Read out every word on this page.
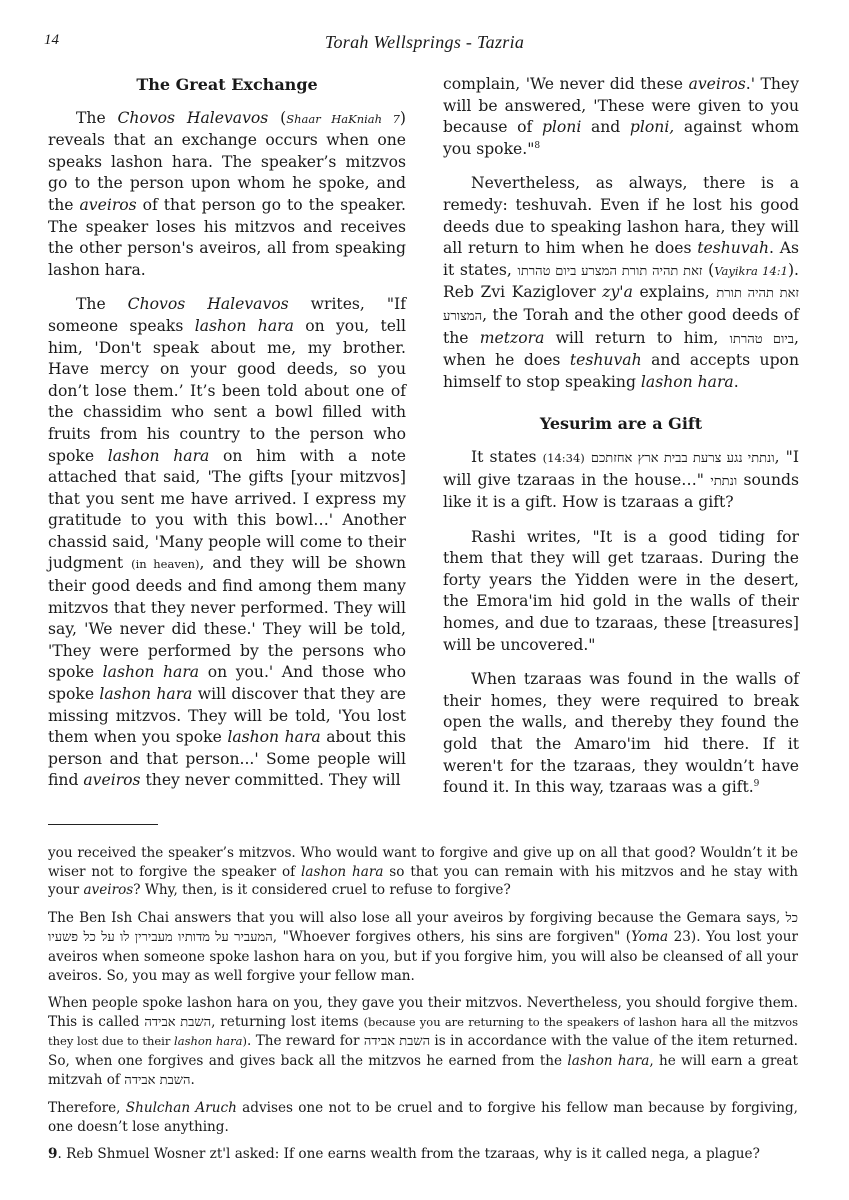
14	Torah Wellsprings - Tazria
The Great Exchange

The Chovos Halevavos (Shaar HaKniah 7) reveals that an exchange occurs when one speaks lashon hara. The speaker’s mitzvos go to the person upon whom he spoke, and the aveiros of that person go to the speaker. The speaker loses his mitzvos and receives the other person's aveiros, all from speaking lashon hara.

The Chovos Halevavos writes, "If someone speaks lashon hara on you, tell him, 'Don't speak about me, my brother. Have mercy on your good deeds, so you don’t lose them.’ It’s been told about one of the chassidim who sent a bowl filled with fruits from his country to the person who spoke lashon hara on him with a note attached that said, 'The gifts [your mitzvos] that you sent me have arrived. I express my gratitude to you with this bowl…' Another chassid said, 'Many people will come to their judgment (in heaven), and they will be shown their good deeds and find among them many mitzvos that they never performed. They will say, 'We never did these.' They will be told, 'They were performed by the persons who spoke lashon hara on you.' And those who spoke lashon hara will discover that they are missing mitzvos. They will be told, 'You lost them when you spoke lashon hara about this person and that person...' Some people will find aveiros they never committed. They will

complain, 'We never did these aveiros.' They will be answered, 'These were given to you because of ploni and ploni, against whom you spoke."$^8$

Nevertheless, as always, there is a remedy: teshuvah. Even if he lost his good deeds due to speaking lashon hara, they will all return to him when he does teshuvah. As it states, זאת תהיה תורת המצרע ביום טהרתו (Vayikra 14:1). Reb Zvi Kaziglover zy'a explains, זאת תהיה תורת המצורע, the Torah and the other good deeds of the metzora will return to him, ביום טהרתו, when he does teshuvah and accepts upon himself to stop speaking lashon hara.

Yesurim are a Gift

It states (14:34) ונתתי נגע צרעת בבית ארץ אחזתכם, "I will give tzaraas in the house…" ונתתי sounds like it is a gift. How is tzaraas a gift?

Rashi writes, "It is a good tiding for them that they will get tzaraas. During the forty years the Yidden were in the desert, the Emora'im hid gold in the walls of their homes, and due to tzaraas, these [treasures] will be uncovered."

When tzaraas was found in the walls of their homes, they were required to break open the walls, and thereby they found the gold that the Amaro'im hid there. If it weren't for the tzaraas, they wouldn’t have found it. In this way, tzaraas was a gift.$^9$

you received the speaker’s mitzvos. Who would want to forgive and give up on all that good? Wouldn’t it be wiser not to forgive the speaker of lashon hara so that you can remain with his mitzvos and he stay with your aveiros? Why, then, is it considered cruel to refuse to forgive?

The Ben Ish Chai answers that you will also lose all your aveiros by forgiving because the Gemara says, כל המעביר על מדותיו מעבירין לו על כל פשעיו, "Whoever forgives others, his sins are forgiven" (Yoma 23). You lost your aveiros when someone spoke lashon hara on you, but if you forgive him, you will also be cleansed of all your aveiros. So, you may as well forgive your fellow man.

When people spoke lashon hara on you, they gave you their mitzvos. Nevertheless, you should forgive them. This is called השבת אבידה, returning lost items (because you are returning to the speakers of lashon hara all the mitzvos they lost due to their lashon hara). The reward for השבת אבידה is in accordance with the value of the item returned. So, when one forgives and gives back all the mitzvos he earned from the lashon hara, he will earn a great mitzvah of השבת אבידה.

Therefore, Shulchan Aruch advises one not to be cruel and to forgive his fellow man because by forgiving, one doesn’t lose anything.

9. Reb Shmuel Wosner zt'l asked: If one earns wealth from the tzaraas, why is it called nega, a plague?
